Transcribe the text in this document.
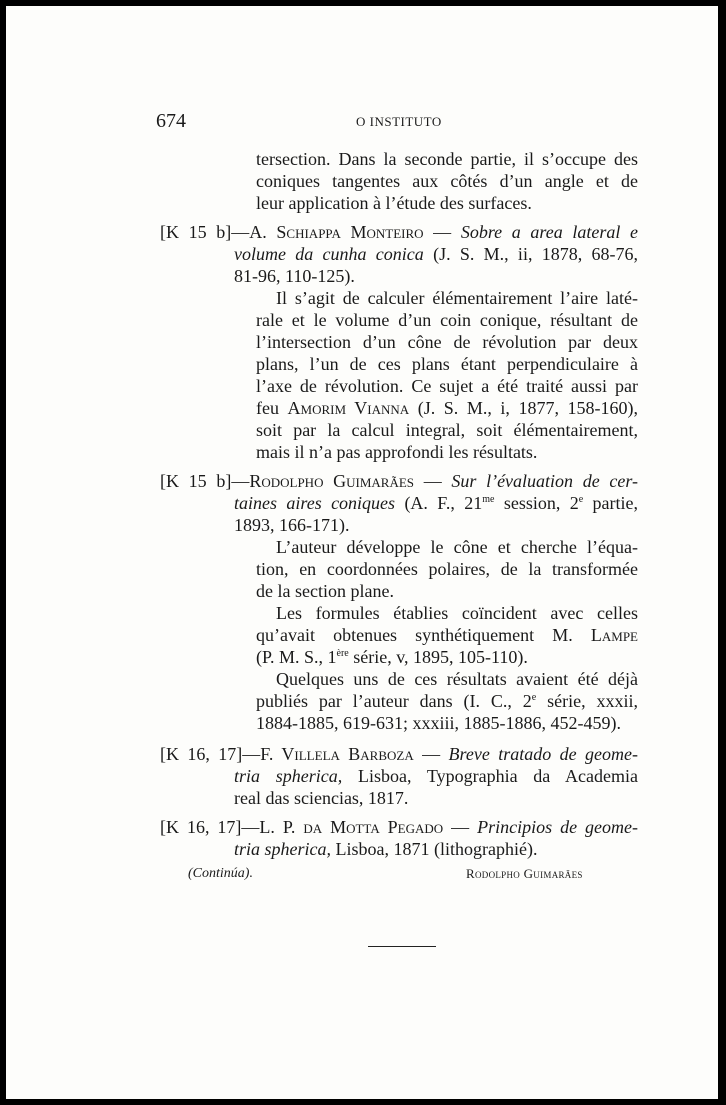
674	O INSTITUTO
tersection. Dans la seconde partie, il s’occupe des
coniques tangentes aux côtés d’un angle et de
leur application à l’étude des surfaces.
[K 15 b]—A. Schiappa Monteiro — Sobre a area lateral e
volume da cunha conica (J. S. M., ii, 1878, 68-76,
81-96, 110-125).
Il s’agit de calculer élémentairement l’aire laté-
rale et le volume d’un coin conique, résultant de
l’intersection d’un cône de révolution par deux
plans, l’un de ces plans étant perpendiculaire à
l’axe de révolution. Ce sujet a été traité aussi par
feu Amorim Vianna (J. S. M., i, 1877, 158-160),
soit par la calcul integral, soit élémentairement,
mais il n’a pas approfondi les résultats.
[K 15 b]—Rodolpho Guimarães — Sur l’évaluation de cer-
taines aires coniques (A. F., $21^{me}$ session, 2e partie,
1893, 166-171).
L’auteur développe le cône et cherche l’équa-
tion, en coordonnées polaires, de la transformée
de la section plane.
Les formules établies coïncident avec celles
qu’avait obtenues synthétiquement M. Lampe
(P. M. S., 1ère série, v, 1895, 105-110).
Quelques uns de ces résultats avaient été déjà
publiés par l’auteur dans (I. C., 2e série, xxxii,
1884-1885, 619-631; xxxiii, 1885-1886, 452-459).
[K 16, 17]—F. Villela Barboza — Breve tratado de geome-
tria spherica, Lisboa, Typographia da Academia
real das sciencias, 1817.
[K 16, 17]—L. P. da Motta Pegado — Principios de geome-
tria spherica, Lisboa, 1871 (lithographié).
(Continúa).	Rodolpho Guimarães
